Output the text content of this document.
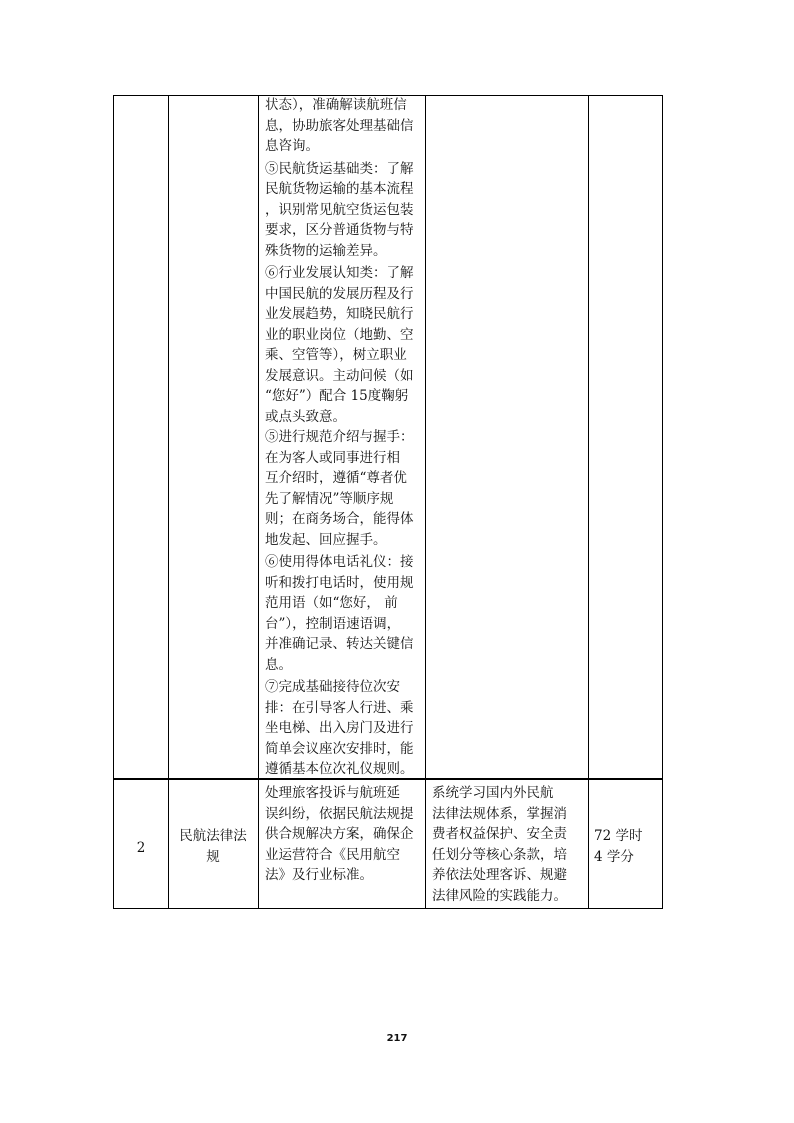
状态），准确解读航班信
息，协助旅客处理基础信
息咨询。

⑤民航货运基础类：了解
民航货物运输的基本流程
，识别常见航空货运包装
要求，区分普通货物与特
殊货物的运输差异。

⑥行业发展认知类：了解
中国民航的发展历程及行
业发展趋势，知晓民航行
业的职业岗位（地勤、空
乘、空管等），树立职业
发展意识。主动问候（如
“您好”）配合 15度鞠躬
或点头致意。
⑤进行规范介绍与握手：
在为客人或同事进行相
互介绍时，遵循“尊者优
先了解情况”等顺序规
则；在商务场合，能得体
地发起、回应握手。

⑥使用得体电话礼仪：接
听和拨打电话时，使用规
范用语（如“您好， 前
台”），控制语速语调，
并准确记录、转达关键信
息。

⑦完成基础接待位次安
排：在引导客人行进、乘
坐电梯、出入房门及进行
简单会议座次安排时，能
遵循基本位次礼仪规则。

2
民航法律法
规
处理旅客投诉与航班延
误纠纷，依据民航法规提
供合规解决方案，确保企
业运营符合《民用航空
法》及行业标准。
系统学习国内外民航
法律法规体系，掌握消
费者权益保护、安全责
任划分等核心条款，培
养依法处理客诉、规避
法律风险的实践能力。
72 学时
4 学分
217
